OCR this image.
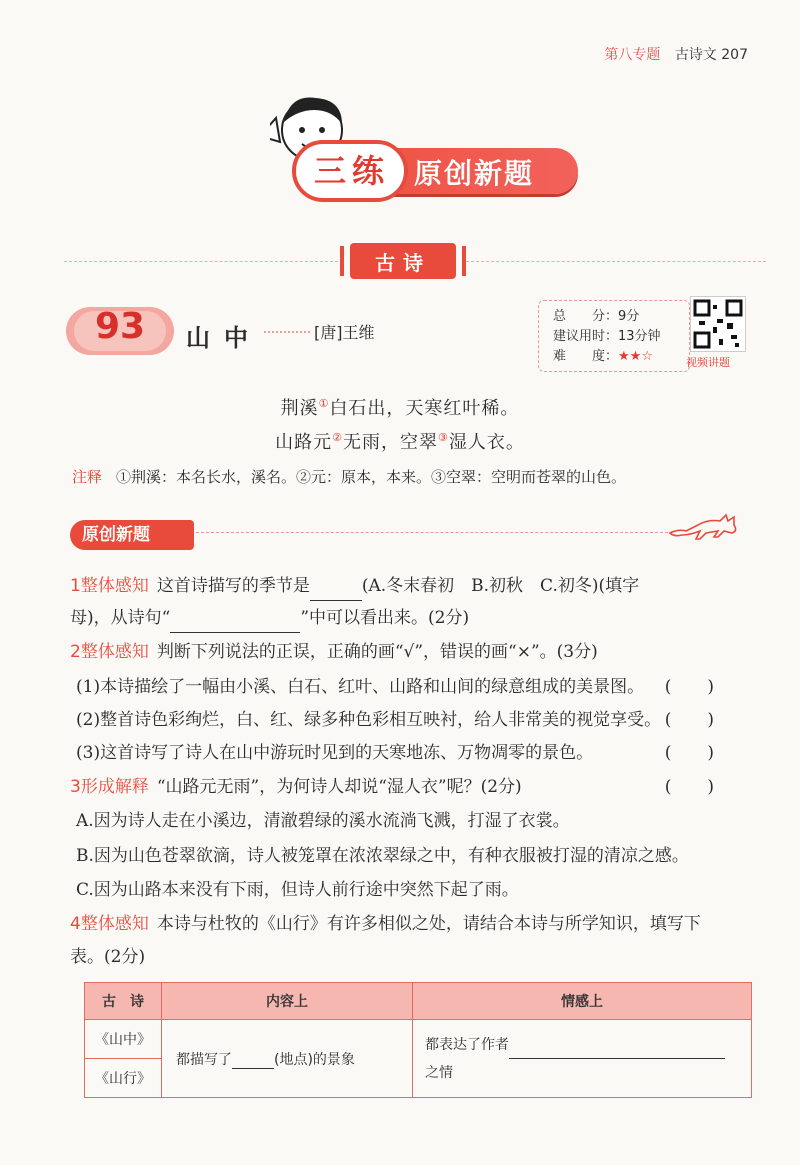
第八专题 古诗文 207
三练 原创新题
古诗
93	山中	[唐]王维
总　　分：9分
建议用时：13分钟
难　　度：★★☆	视频讲题
荆溪①白石出，天寒红叶稀。
山路元②无雨，空翠③湿人衣。
注释 ①荆溪：本名长水，溪名。②元：原本，本来。③空翠：空明而苍翠的山色。
原创新题
1整体感知 这首诗描写的季节是	(A.冬末春初　B.初秋　C.初冬)(填字
母)，从诗句“	”中可以看出来。(2分)
2整体感知 判断下列说法的正误，正确的画“√”，错误的画“×”。(3分)
(1)本诗描绘了一幅由小溪、白石、红叶、山路和山间的绿意组成的美景图。 ()
(2)整首诗色彩绚烂，白、红、绿多种色彩相互映衬，给人非常美的视觉享受。 ()
(3)这首诗写了诗人在山中游玩时见到的天寒地冻、万物凋零的景色。	()
3形成解释 “山路元无雨”，为何诗人却说“湿人衣”呢？(2分)	()
A.因为诗人走在小溪边，清澈碧绿的溪水流淌飞溅，打湿了衣裳。
B.因为山色苍翠欲滴，诗人被笼罩在浓浓翠绿之中，有种衣服被打湿的清凉之感。
C.因为山路本来没有下雨，但诗人前行途中突然下起了雨。
4整体感知 本诗与杜牧的《山行》有许多相似之处，请结合本诗与所学知识，填写下
表。(2分)
古　诗	内容上	情感上
《山中》	都描写了 (地点)的景象	都表达了作者
之情
《山行》		
